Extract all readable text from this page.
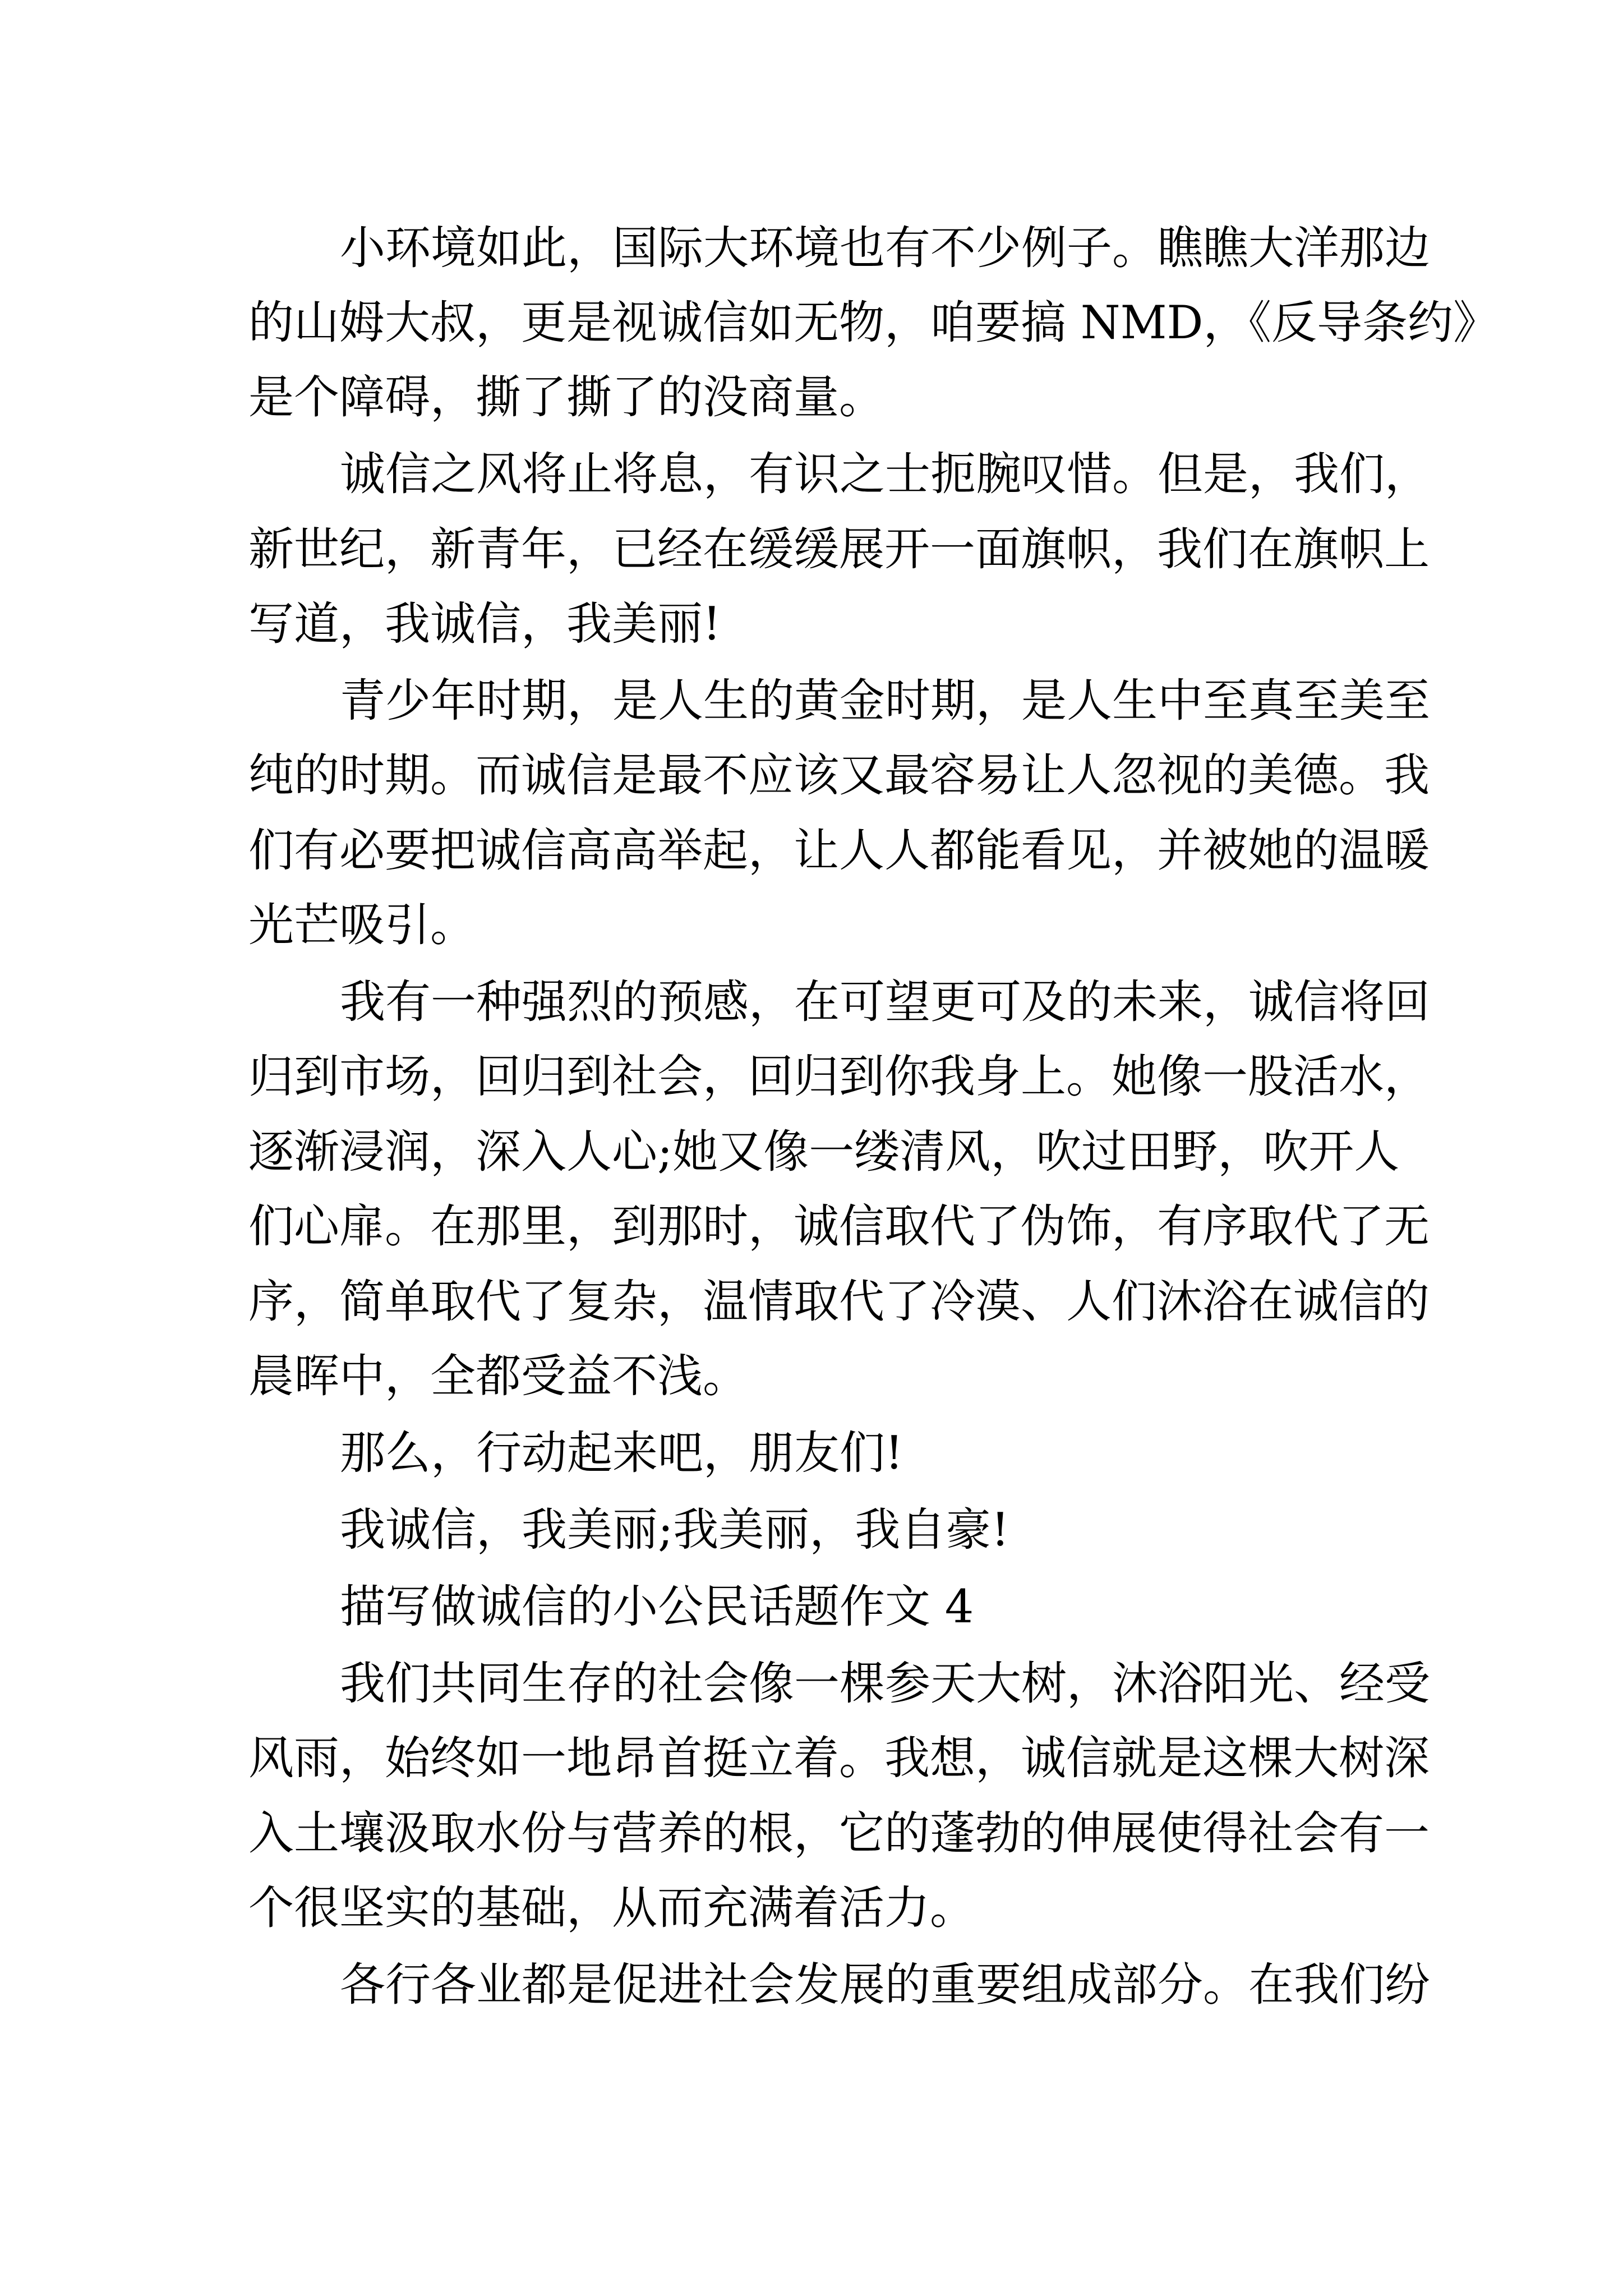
小环境如此，国际大环境也有不少例子。瞧瞧大洋那边
的山姆大叔，更是视诚信如无物，咱要搞 NMD，《反导条约》
是个障碍，撕了撕了的没商量。
诚信之风将止将息，有识之士扼腕叹惜。但是，我们，
新世纪，新青年，已经在缓缓展开一面旗帜，我们在旗帜上
写道，我诚信，我美丽!
青少年时期，是人生的黄金时期，是人生中至真至美至
纯的时期。而诚信是最不应该又最容易让人忽视的美德。我
们有必要把诚信高高举起，让人人都能看见，并被她的温暖
光芒吸引。
我有一种强烈的预感，在可望更可及的未来，诚信将回
归到市场，回归到社会，回归到你我身上。她像一股活水，
逐渐浸润，深入人心;她又像一缕清风，吹过田野，吹开人
们心扉。在那里，到那时，诚信取代了伪饰，有序取代了无
序，简单取代了复杂，温情取代了冷漠、人们沐浴在诚信的
晨晖中，全都受益不浅。
那么，行动起来吧，朋友们!
我诚信，我美丽;我美丽，我自豪!
描写做诚信的小公民话题作文 4
我们共同生存的社会像一棵参天大树，沐浴阳光、经受
风雨，始终如一地昂首挺立着。我想，诚信就是这棵大树深
入土壤汲取水份与营养的根，它的蓬勃的伸展使得社会有一
个很坚实的基础，从而充满着活力。
各行各业都是促进社会发展的重要组成部分。在我们纷
